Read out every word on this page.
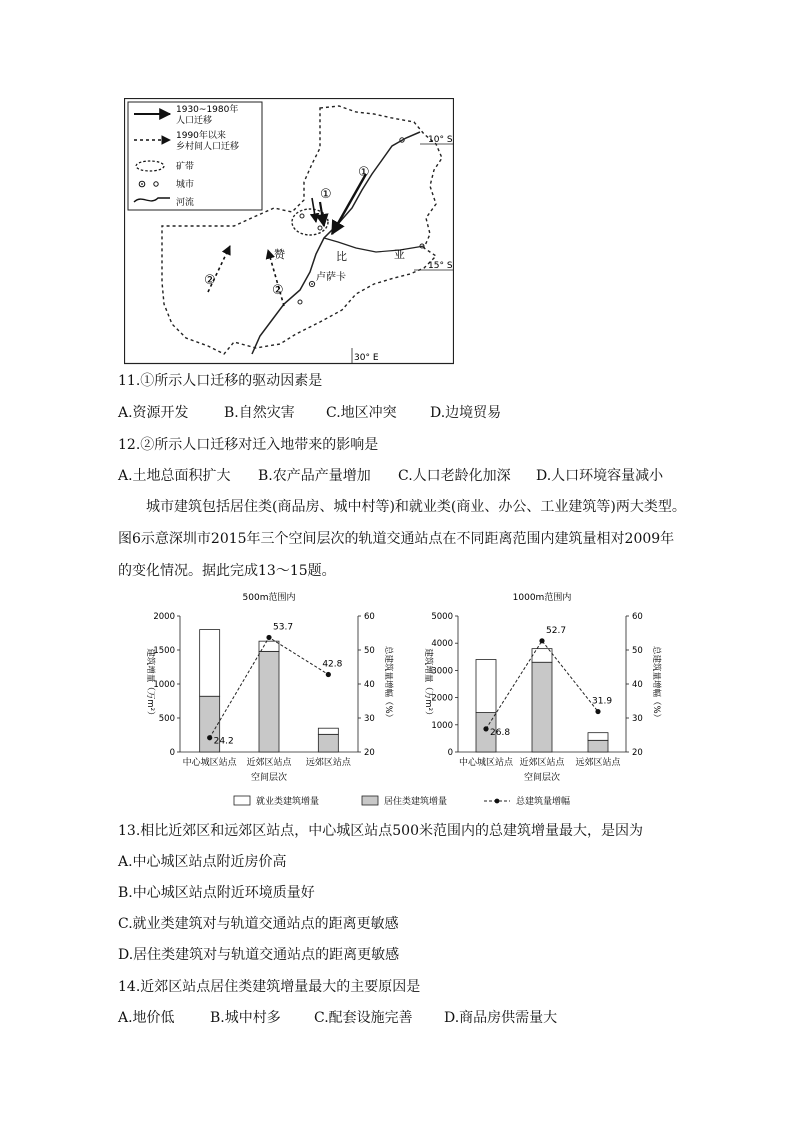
①
①
②
②
赞	比	亚
卢萨卡
10° S
15° S
30° E
1930~1980年
人口迁移
1990年以来
乡村间人口迁移
矿带
城市
河流
11.①所示人口迁移的驱动因素是
A.资源开发	B.自然灾害 C.地区冲突 D.边境贸易
12.②所示人口迁移对迁入地带来的影响是
A.土地总面积扩大 B.农产品产量增加 C.人口老龄化加深 D.人口环境容量减小
城市建筑包括居住类(商品房、城中村等)和就业类(商业、办公、工业建筑等)两大类型。
图6示意深圳市2015年三个空间层次的轨道交通站点在不同距离范围内建筑量相对2009年
的变化情况。据此完成13～15题。
500m范围内
0
500
1000
1500
2000
20
30
40
50
60
建筑增量（万m²）	总建筑量增幅（%）
中心城区站点 近郊区站点 远郊区站点
24.2
53.7
42.8
空间层次
1000m范围内
0
1000
2000
3000
4000
5000
20
30
40
50
60
建筑增量（万m²）	总建筑量增幅（%）
中心城区站点 近郊区站点 远郊区站点
26.8
52.7
31.9
空间层次
就业类建筑增量	居住类建筑增量	总建筑量增幅
13.相比近郊区和远郊区站点，中心城区站点500米范围内的总建筑增量最大，是因为
A.中心城区站点附近房价高
B.中心城区站点附近环境质量好
C.就业类建筑对与轨道交通站点的距离更敏感
D.居住类建筑对与轨道交通站点的距离更敏感
14.近郊区站点居住类建筑增量最大的主要原因是
A.地价低	B.城中村多 C.配套设施完善 D.商品房供需量大
